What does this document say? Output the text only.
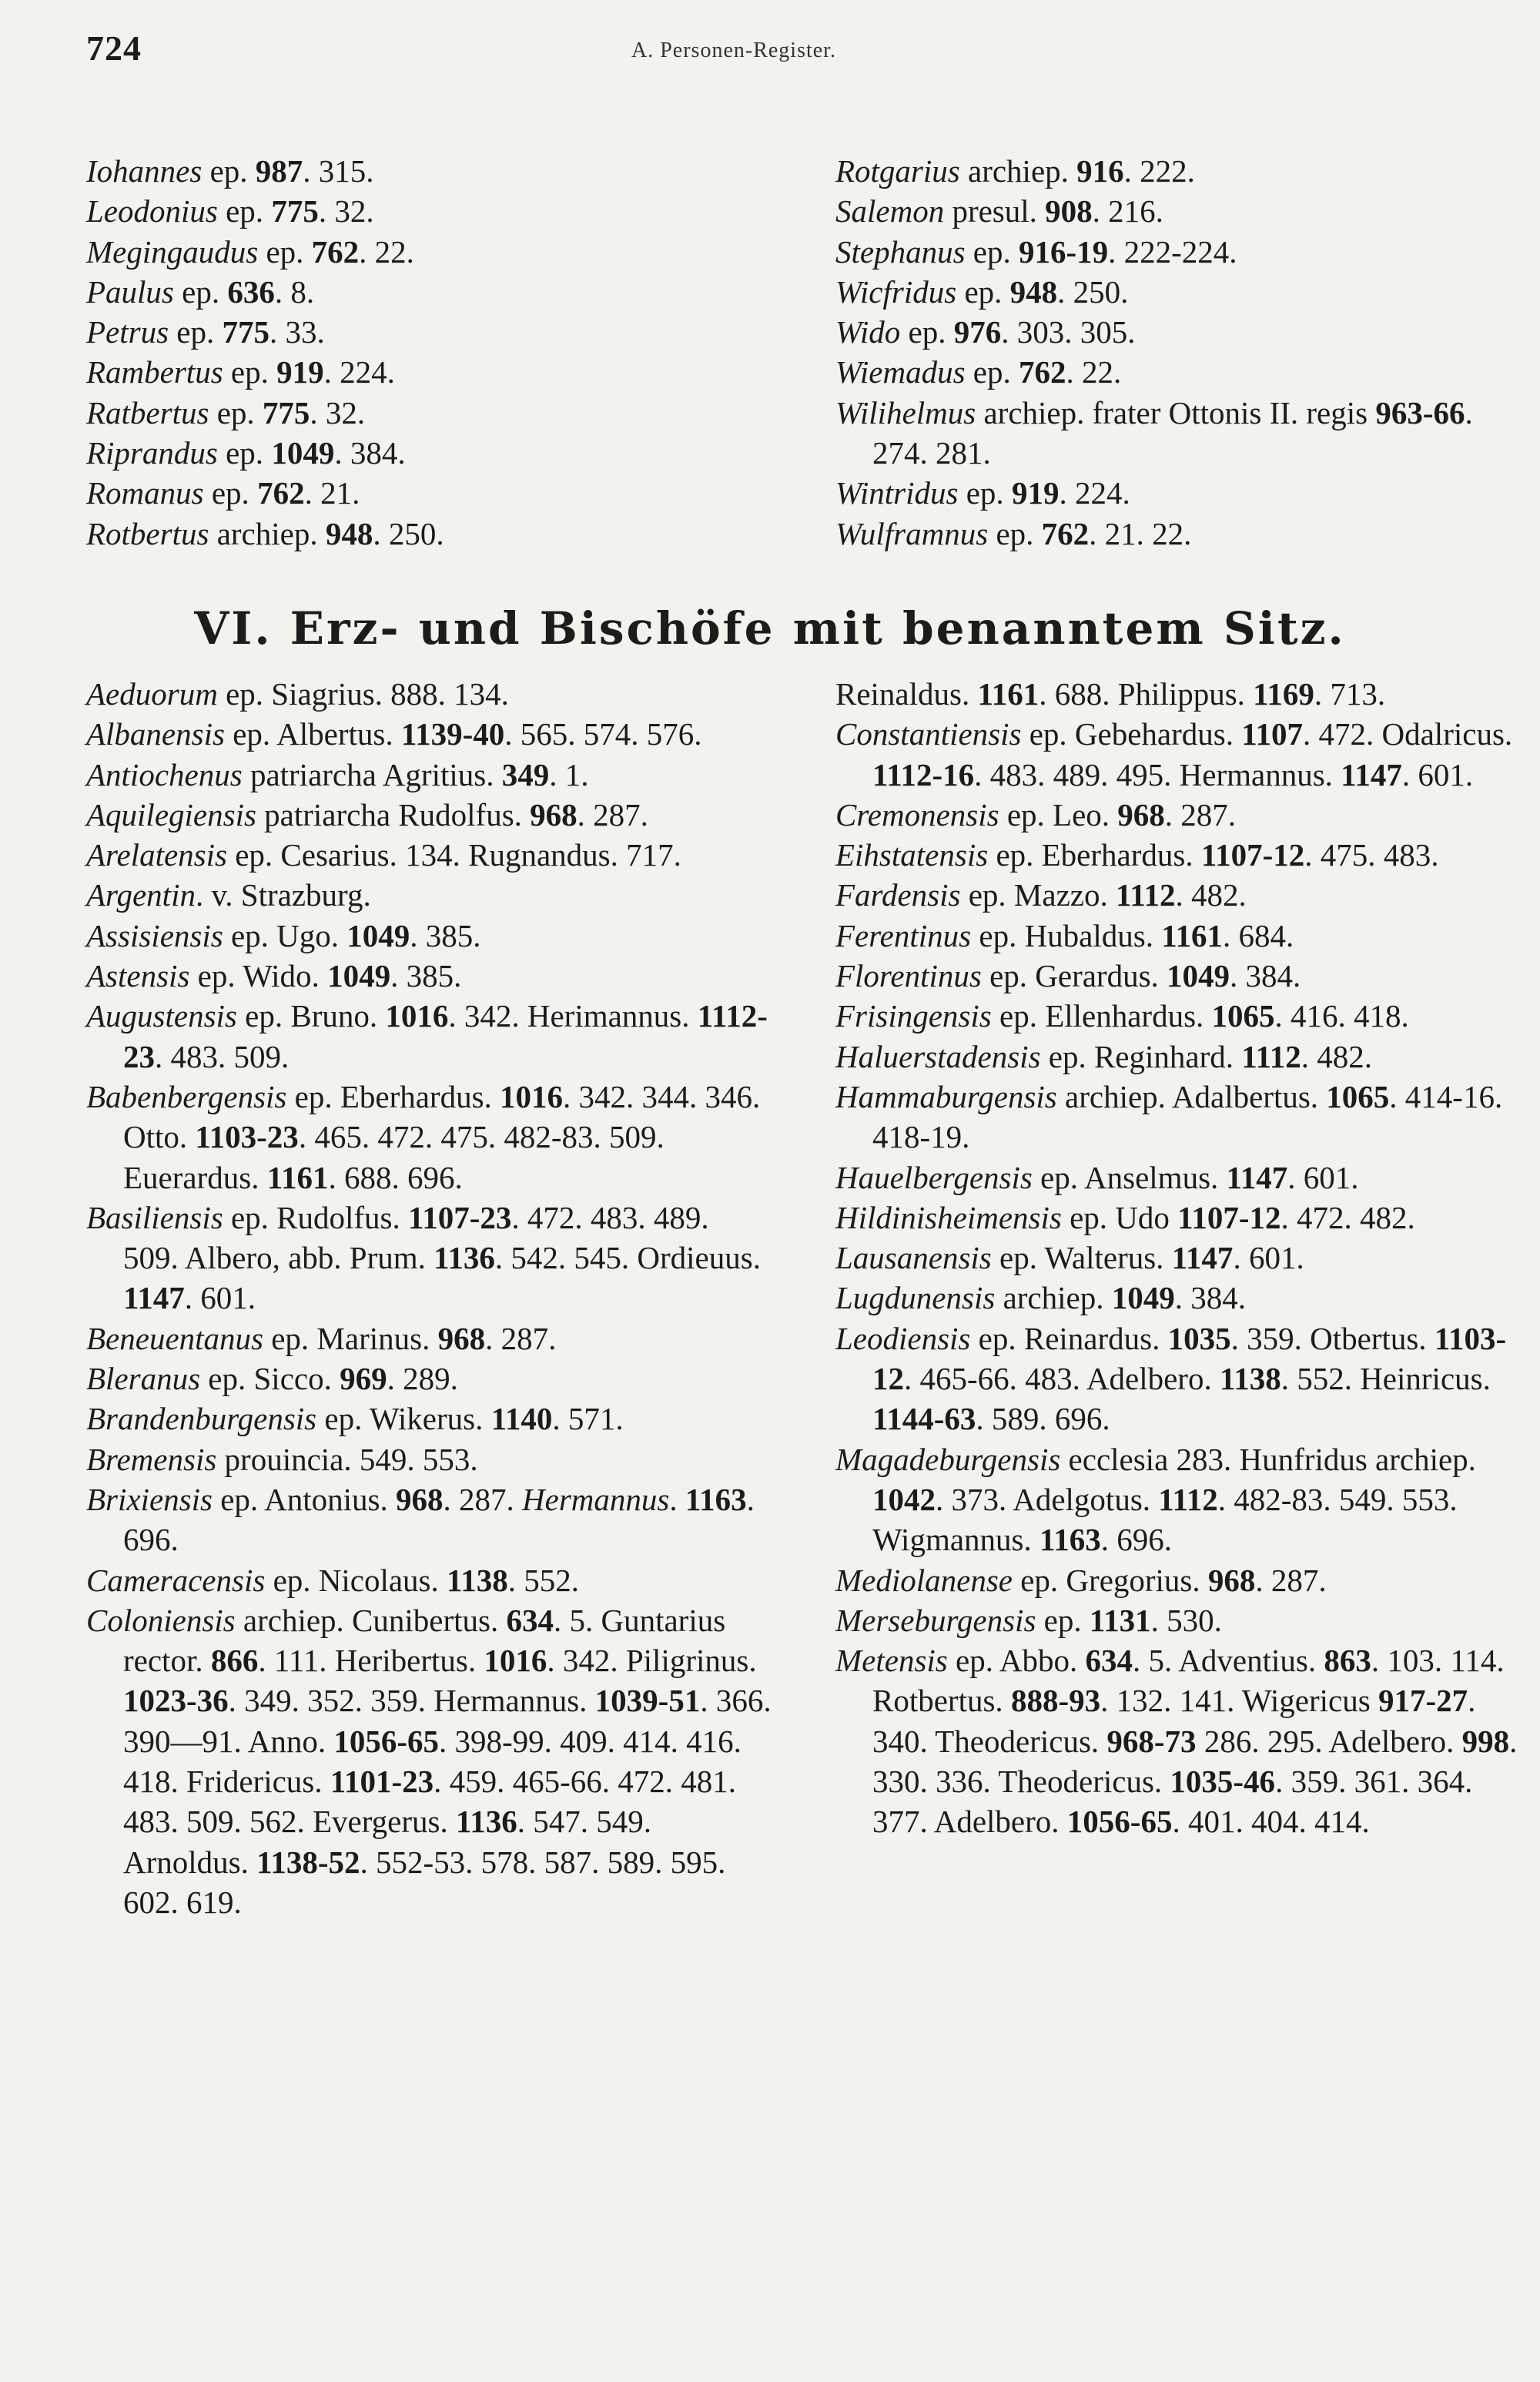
724	A. Personen-Register.

Iohannes ep. 987. 315.

Leodonius ep. 775. 32.

Megingaudus ep. 762. 22.

Paulus ep. 636. 8.

Petrus ep. 775. 33.

Rambertus ep. 919. 224.

Ratbertus ep. 775. 32.

Riprandus ep. 1049. 384.

Romanus ep. 762. 21.

Rotbertus archiep. 948. 250.

Rotgarius archiep. 916. 222.

Salemon presul. 908. 216.

Stephanus ep. 916-19. 222-224.

Wicfridus ep. 948. 250.

Wido ep. 976. 303. 305.

Wiemadus ep. 762. 22.

Wilihelmus archiep. frater Ottonis II. regis 963-66. 274. 281.

Wintridus ep. 919. 224.

Wulframnus ep. 762. 21. 22.

VI. Erz- und Bischöfe mit benanntem Sitz.

Aeduorum ep. Siagrius. 888. 134.

Albanensis ep. Albertus. 1139-40. 565. 574. 576.

Antiochenus patriarcha Agritius. 349. 1.

Aquilegiensis patriarcha Rudolfus. 968. 287.

Arelatensis ep. Cesarius. 134. Rugnandus. 717.

Argentin. v. Strazburg.

Assisiensis ep. Ugo. 1049. 385.

Astensis ep. Wido. 1049. 385.

Augustensis ep. Bruno. 1016. 342. Herimannus. 1112-23. 483. 509.

Babenbergensis ep. Eberhardus. 1016. 342. 344. 346. Otto. 1103-23. 465. 472. 475. 482-83. 509. Euerardus. 1161. 688. 696.

Basiliensis ep. Rudolfus. 1107-23. 472. 483. 489. 509. Albero, abb. Prum. 1136. 542. 545. Ordieuus. 1147. 601.

Beneuentanus ep. Marinus. 968. 287.

Bleranus ep. Sicco. 969. 289.

Brandenburgensis ep. Wikerus. 1140. 571.

Bremensis prouincia. 549. 553.

Brixiensis ep. Antonius. 968. 287. Hermannus. 1163. 696.

Cameracensis ep. Nicolaus. 1138. 552.

Coloniensis archiep. Cunibertus. 634. 5. Guntarius rector. 866. 111. Heribertus. 1016. 342. Piligrinus. 1023-36. 349. 352. 359. Hermannus. 1039-51. 366. 390—91. Anno. 1056-65. 398-99. 409. 414. 416. 418. Fridericus. 1101-23. 459. 465-66. 472. 481. 483. 509. 562. Evergerus. 1136. 547. 549. Arnoldus. 1138-52. 552-53. 578. 587. 589. 595. 602. 619.

Reinaldus. 1161. 688. Philippus. 1169. 713.

Constantiensis ep. Gebehardus. 1107. 472. Odalricus. 1112-16. 483. 489. 495. Hermannus. 1147. 601.

Cremonensis ep. Leo. 968. 287.

Eihstatensis ep. Eberhardus. 1107-12. 475. 483.

Fardensis ep. Mazzo. 1112. 482.

Ferentinus ep. Hubaldus. 1161. 684.

Florentinus ep. Gerardus. 1049. 384.

Frisingensis ep. Ellenhardus. 1065. 416. 418.

Haluerstadensis ep. Reginhard. 1112. 482.

Hammaburgensis archiep. Adalbertus. 1065. 414-16. 418-19.

Hauelbergensis ep. Anselmus. 1147. 601.

Hildinisheimensis ep. Udo 1107-12. 472. 482.

Lausanensis ep. Walterus. 1147. 601.

Lugdunensis archiep. 1049. 384.

Leodiensis ep. Reinardus. 1035. 359. Otbertus. 1103-12. 465-66. 483. Adelbero. 1138. 552. Heinricus. 1144-63. 589. 696.

Magadeburgensis ecclesia 283. Hunfridus archiep. 1042. 373. Adelgotus. 1112. 482-83. 549. 553. Wigmannus. 1163. 696.

Mediolanense ep. Gregorius. 968. 287.

Merseburgensis ep. 1131. 530.

Metensis ep. Abbo. 634. 5. Adventius. 863. 103. 114. Rotbertus. 888-93. 132. 141. Wigericus 917-27. 340. Theodericus. 968-73 286. 295. Adelbero. 998. 330. 336. Theodericus. 1035-46. 359. 361. 364. 377. Adelbero. 1056-65. 401. 404. 414.
